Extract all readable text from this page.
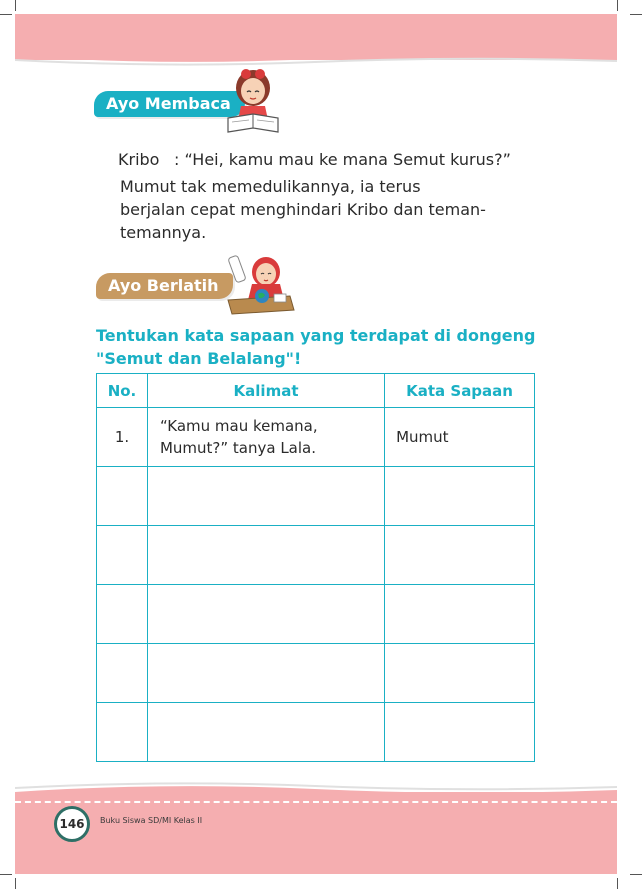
Ayo Membaca
Kribo : “Hei, kamu mau ke mana Semut kurus?”
Mumut tak memedulikannya, ia terus
berjalan cepat menghindari Kribo dan teman-
temannya.
Ayo Berlatih
Tentukan kata sapaan yang terdapat di dongeng
"Semut dan Belalang"!
No.	Kalimat	Kata Sapaan
1.	“Kamu mau kemana,
Mumut?” tanya Lala.	Mumut

146	Buku Siswa SD/MI Kelas II
